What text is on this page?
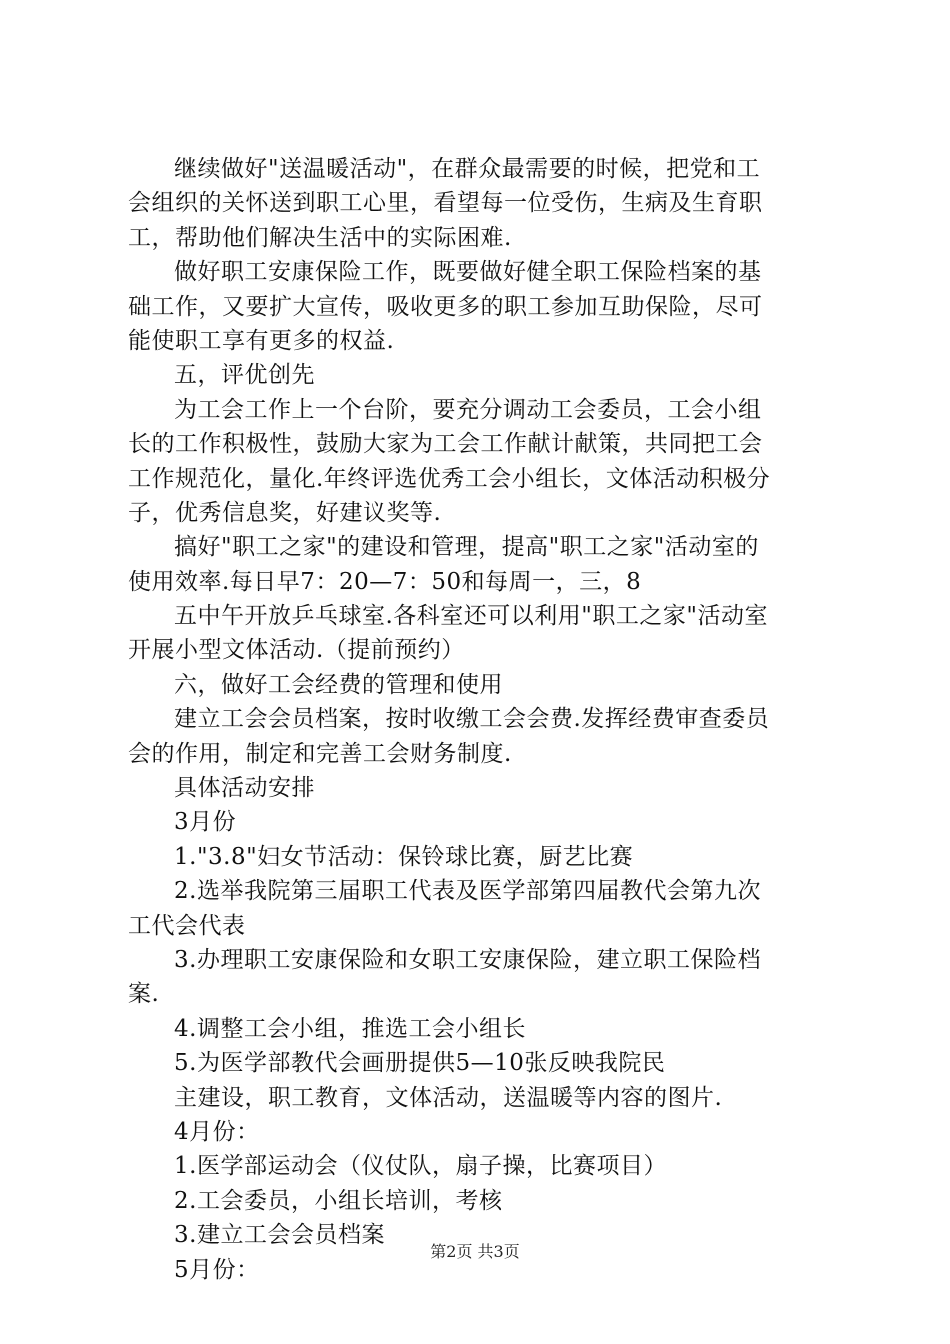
继续做好"送温暖活动"，在群众最需要的时候，把党和工
会组织的关怀送到职工心里，看望每一位受伤，生病及生育职
工，帮助他们解决生活中的实际困难.
做好职工安康保险工作，既要做好健全职工保险档案的基
础工作，又要扩大宣传，吸收更多的职工参加互助保险，尽可
能使职工享有更多的权益.
五，评优创先
为工会工作上一个台阶，要充分调动工会委员，工会小组
长的工作积极性，鼓励大家为工会工作献计献策，共同把工会
工作规范化，量化.年终评选优秀工会小组长，文体活动积极分
子，优秀信息奖，好建议奖等.
搞好"职工之家"的建设和管理，提高"职工之家"活动室的
使用效率.每日早7：20—7：50和每周一，三，8
五中午开放乒乓球室.各科室还可以利用"职工之家"活动室
开展小型文体活动.（提前预约）
六，做好工会经费的管理和使用
建立工会会员档案，按时收缴工会会费.发挥经费审查委员
会的作用，制定和完善工会财务制度.
具体活动安排
3月份
1."3.8"妇女节活动：保铃球比赛，厨艺比赛
2.选举我院第三届职工代表及医学部第四届教代会第九次
工代会代表
3.办理职工安康保险和女职工安康保险，建立职工保险档
案.
4.调整工会小组，推选工会小组长
5.为医学部教代会画册提供5—10张反映我院民
主建设，职工教育，文体活动，送温暖等内容的图片.
4月份：
1.医学部运动会（仪仗队，扇子操，比赛项目）
2.工会委员，小组长培训，考核
3.建立工会会员档案
5月份：
第2页 共3页
